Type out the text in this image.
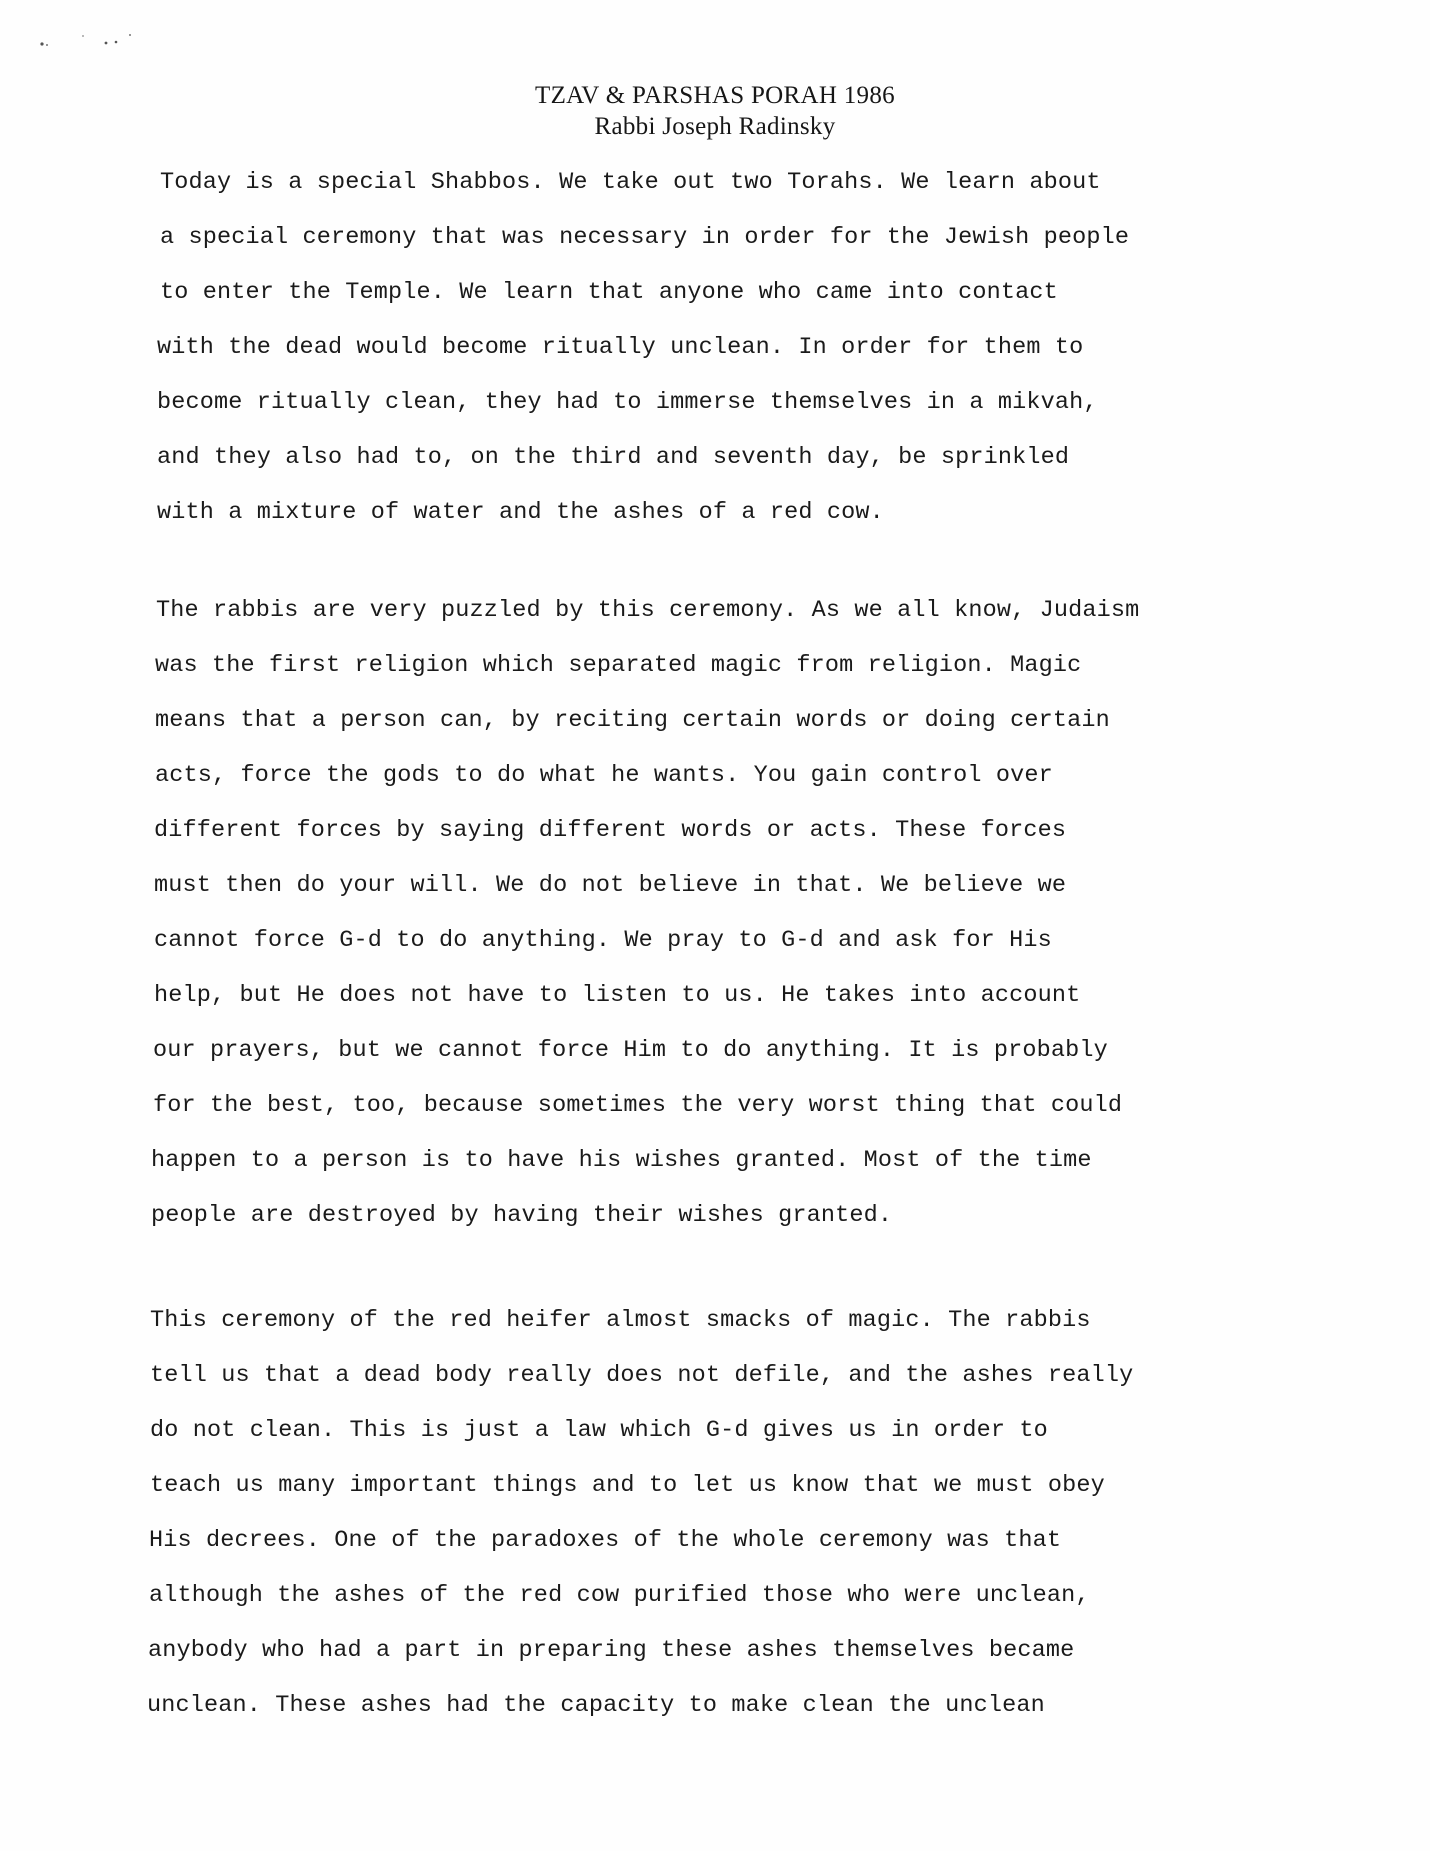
TZAV & PARSHAS PORAH 1986
Rabbi Joseph Radinsky
Today is a special Shabbos. We take out two Torahs. We learn about
a special ceremony that was necessary in order for the Jewish people
to enter the Temple. We learn that anyone who came into contact
with the dead would become ritually unclean. In order for them to
become ritually clean, they had to immerse themselves in a mikvah,
and they also had to, on the third and seventh day, be sprinkled
with a mixture of water and the ashes of a red cow.
The rabbis are very puzzled by this ceremony. As we all know, Judaism
was the first religion which separated magic from religion. Magic
means that a person can, by reciting certain words or doing certain
acts, force the gods to do what he wants. You gain control over
different forces by saying different words or acts. These forces
must then do your will. We do not believe in that. We believe we
cannot force G-d to do anything. We pray to G-d and ask for His
help, but He does not have to listen to us. He takes into account
our prayers, but we cannot force Him to do anything. It is probably
for the best, too, because sometimes the very worst thing that could
happen to a person is to have his wishes granted. Most of the time
people are destroyed by having their wishes granted.
This ceremony of the red heifer almost smacks of magic. The rabbis
tell us that a dead body really does not defile, and the ashes really
do not clean. This is just a law which G-d gives us in order to
teach us many important things and to let us know that we must obey
His decrees. One of the paradoxes of the whole ceremony was that
although the ashes of the red cow purified those who were unclean,
anybody who had a part in preparing these ashes themselves became
unclean. These ashes had the capacity to make clean the unclean
